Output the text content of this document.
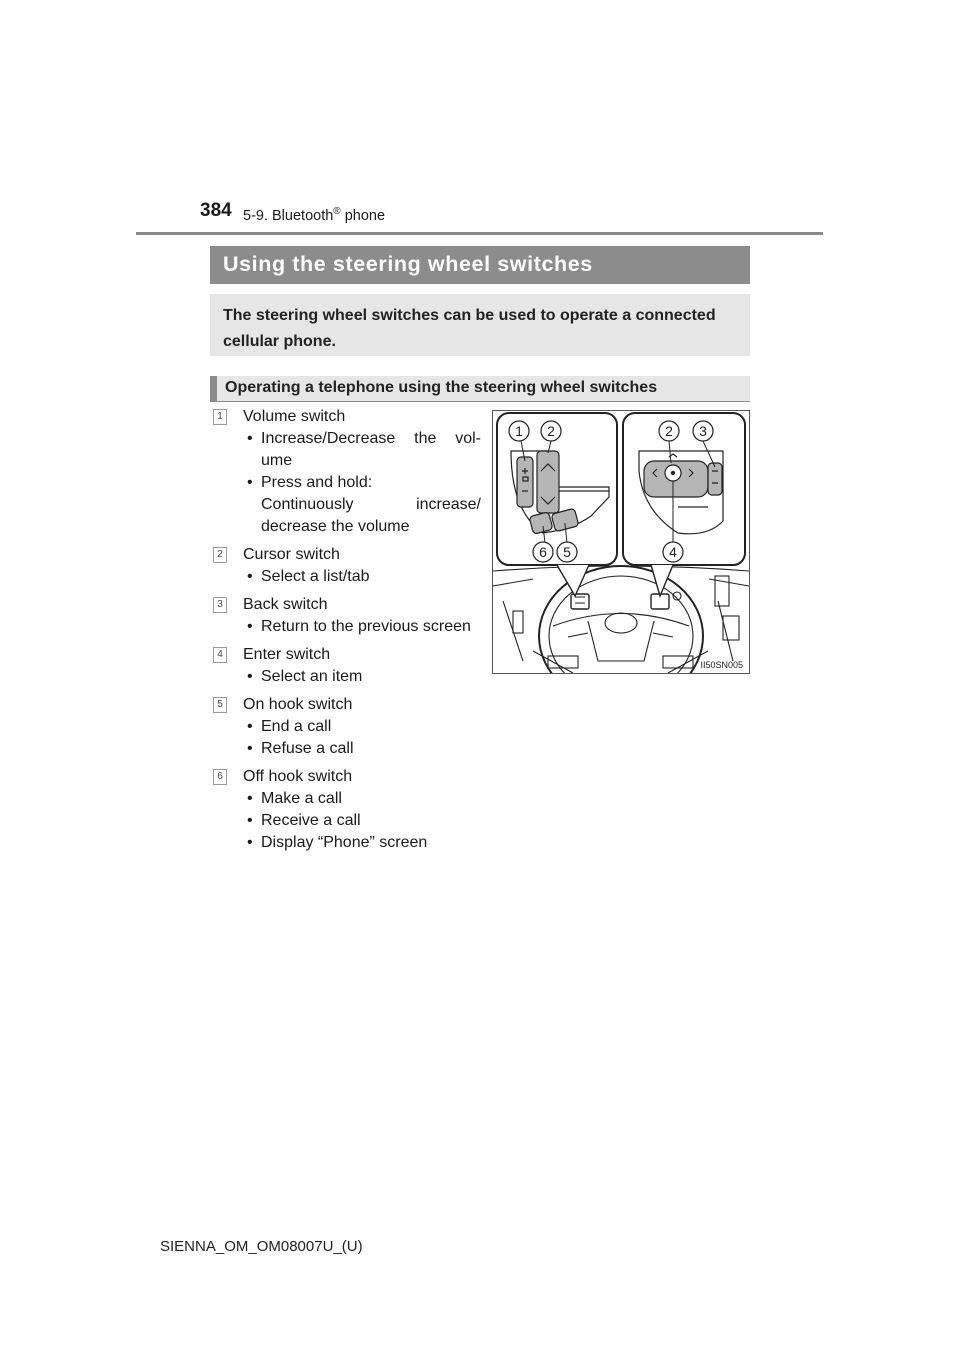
384 5-9. Bluetooth® phone
Using the steering wheel switches
The steering wheel switches can be used to operate a connected cellular phone.
Operating a telephone using the steering wheel switches
1 Volume switch
• Increase/Decrease the vol-ume
• Press and hold:
Continuously increase/ decrease the volume
2 Cursor switch
• Select a list/tab
3 Back switch
• Return to the previous screen
4 Enter switch
• Select an item
5 On hook switch
• End a call
• Refuse a call
6 Off hook switch
• Make a call
• Receive a call
• Display “Phone” screen
1 2	2 3
6 5	4
II50SN005
SIENNA_OM_OM08007U_(U)
